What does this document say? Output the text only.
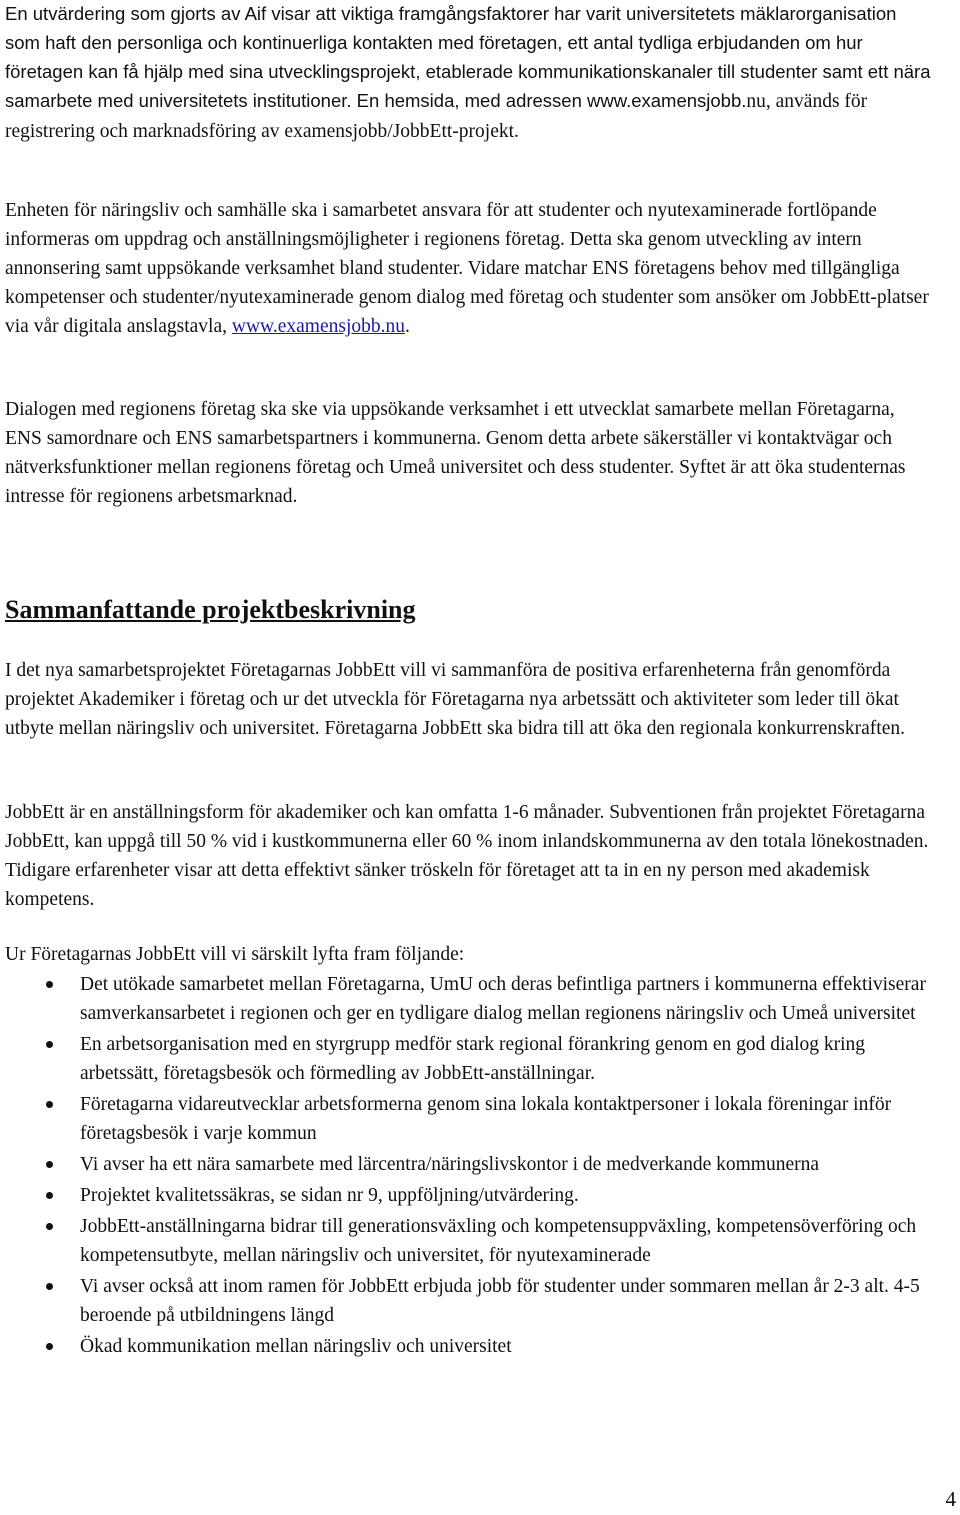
En utvärdering som gjorts av Aif visar att viktiga framgångsfaktorer har varit universitetets mäklarorganisation som haft den personliga och kontinuerliga kontakten med företagen, ett antal tydliga erbjudanden om hur företagen kan få hjälp med sina utvecklingsprojekt, etablerade kommunikationskanaler till studenter samt ett nära samarbete med universitetets institutioner. En hemsida, med adressen www.examensjobb.nu, används för registrering och marknadsföring av examensjobb/JobbEtt-projekt.

Enheten för näringsliv och samhälle ska i samarbetet ansvara för att studenter och nyutexaminerade fortlöpande informeras om uppdrag och anställningsmöjligheter i regionens företag. Detta ska genom utveckling av intern annonsering samt uppsökande verksamhet bland studenter. Vidare matchar ENS företagens behov med tillgängliga kompetenser och studenter/nyutexaminerade genom dialog med företag och studenter som ansöker om JobbEtt-platser via vår digitala anslagstavla, www.examensjobb.nu.

Dialogen med regionens företag ska ske via uppsökande verksamhet i ett utvecklat samarbete mellan Företagarna, ENS samordnare och ENS samarbetspartners i kommunerna. Genom detta arbete säkerställer vi kontaktvägar och nätverksfunktioner mellan regionens företag och Umeå universitet och dess studenter. Syftet är att öka studenternas intresse för regionens arbetsmarknad.

Sammanfattande projektbeskrivning

I det nya samarbetsprojektet Företagarnas JobbEtt vill vi sammanföra de positiva erfarenheterna från genomförda projektet Akademiker i företag och ur det utveckla för Företagarna nya arbetssätt och aktiviteter som leder till ökat utbyte mellan näringsliv och universitet. Företagarna JobbEtt ska bidra till att öka den regionala konkurrenskraften.

JobbEtt är en anställningsform för akademiker och kan omfatta 1-6 månader. Subventionen från projektet Företagarna JobbEtt, kan uppgå till 50 % vid i kustkommunerna eller 60 % inom inlandskommunerna av den totala lönekostnaden. Tidigare erfarenheter visar att detta effektivt sänker tröskeln för företaget att ta in en ny person med akademisk kompetens.

Ur Företagarnas JobbEtt vill vi särskilt lyfta fram följande:

Det utökade samarbetet mellan Företagarna, UmU och deras befintliga partners i kommunerna effektiviserar samverkansarbetet i regionen och ger en tydligare dialog mellan regionens näringsliv och Umeå universitet
En arbetsorganisation med en styrgrupp medför stark regional förankring genom en god dialog kring arbetssätt, företagsbesök och förmedling av JobbEtt-anställningar.
Företagarna vidareutvecklar arbetsformerna genom sina lokala kontaktpersoner i lokala föreningar inför företagsbesök i varje kommun
Vi avser ha ett nära samarbete med lärcentra/näringslivskontor i de medverkande kommunerna
Projektet kvalitetssäkras, se sidan nr 9, uppföljning/utvärdering.
JobbEtt-anställningarna bidrar till generationsväxling och kompetensuppväxling, kompetensöverföring och kompetensutbyte, mellan näringsliv och universitet, för nyutexaminerade
Vi avser också att inom ramen för JobbEtt erbjuda jobb för studenter under sommaren mellan år 2-3 alt. 4-5 beroende på utbildningens längd
Ökad kommunikation mellan näringsliv och universitet
4
